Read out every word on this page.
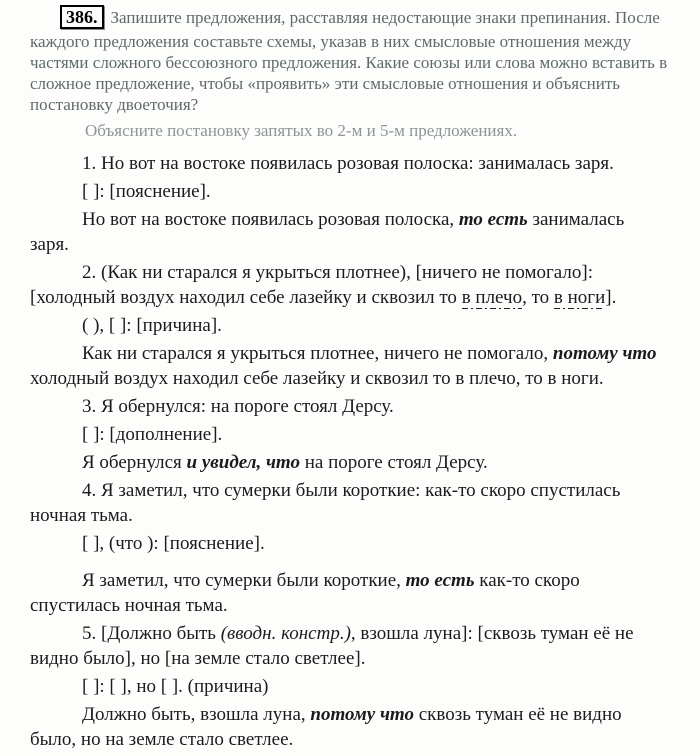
386. Запишите предложения, расставляя недостающие знаки препинания. После
каждого предложения составьте схемы, указав в них смысловые отношения между
частями сложного бессоюзного предложения. Какие союзы или слова можно вставить в
сложное предложение, чтобы «проявить» эти смысловые отношения и объяснить
постановку двоеточия?

Объясните постановку запятых во 2-м и 5-м предложениях.

1. Но вот на востоке появилась розовая полоска: занималась заря.

[ ]: [пояснение].

Но вот на востоке появилась розовая полоска, то есть занималась
заря.

2. (Как ни старался я укрыться плотнее), [ничего не помогало]:
[холодный воздух находил себе лазейку и сквозил то в плечо, то в ноги].

( ), [ ]: [причина].

Как ни старался я укрыться плотнее, ничего не помогало, потому что
холодный воздух находил себе лазейку и сквозил то в плечо, то в ноги.

3. Я обернулся: на пороге стоял Дерсу.

[ ]: [дополнение].

Я обернулся и увидел, что на пороге стоял Дерсу.

4. Я заметил, что сумерки были короткие: как-то скоро спустилась
ночная тьма.

[ ], (что ): [пояснение].

Я заметил, что сумерки были короткие, то есть как-то скоро
спустилась ночная тьма.

5. [Должно быть (вводн. констр.), взошла луна]: [сквозь туман её не
видно было], но [на земле стало светлее].

[ ]: [ ], но [ ]. (причина)

Должно быть, взошла луна, потому что сквозь туман её не видно
было, но на земле стало светлее.
